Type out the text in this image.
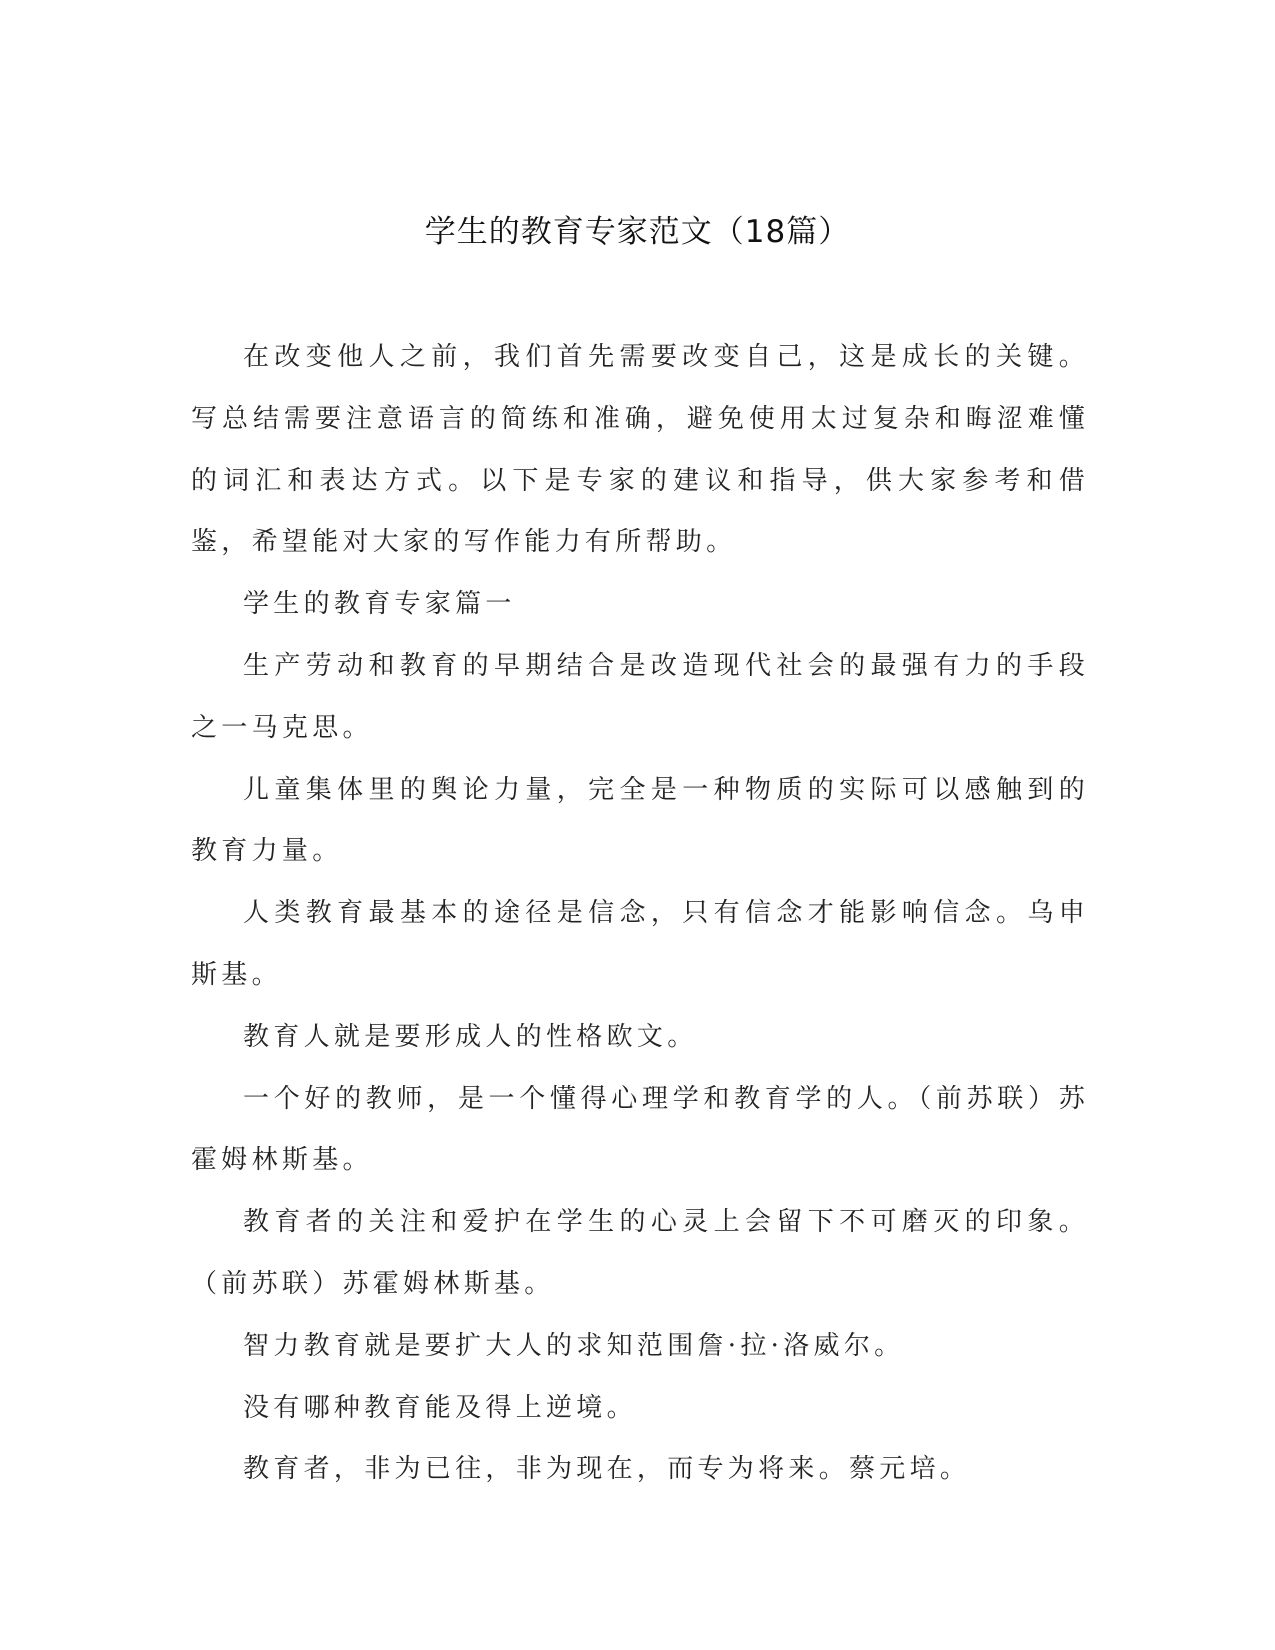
学生的教育专家范文（18篇）

在改变他人之前，我们首先需要改变自己，这是成长的关键。写总结需要注意语言的简练和准确，避免使用太过复杂和晦涩难懂的词汇和表达方式。以下是专家的建议和指导，供大家参考和借鉴，希望能对大家的写作能力有所帮助。

学生的教育专家篇一

生产劳动和教育的早期结合是改造现代社会的最强有力的手段之一马克思。

儿童集体里的舆论力量，完全是一种物质的实际可以感触到的教育力量。

人类教育最基本的途径是信念，只有信念才能影响信念。乌申斯基。

教育人就是要形成人的性格欧文。

一个好的教师，是一个懂得心理学和教育学的人。（前苏联）苏霍姆林斯基。

教育者的关注和爱护在学生的心灵上会留下不可磨灭的印象。（前苏联）苏霍姆林斯基。

智力教育就是要扩大人的求知范围詹·拉·洛威尔。

没有哪种教育能及得上逆境。

教育者，非为已往，非为现在，而专为将来。蔡元培。
